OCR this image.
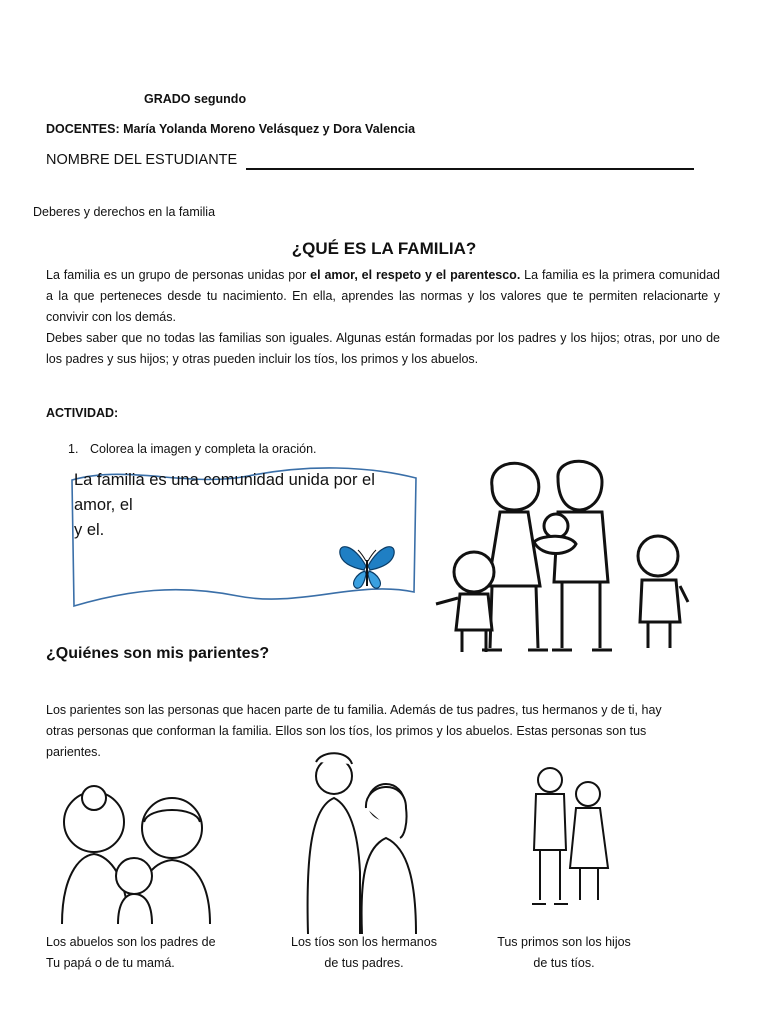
GRADO segundo
DOCENTES: María Yolanda Moreno Velásquez y Dora Valencia
NOMBRE DEL ESTUDIANTE
Deberes y derechos en la familia
¿QUÉ ES LA FAMILIA?

La familia es un grupo de personas unidas por el amor, el respeto y el parentesco. La familia es la primera comunidad a la que perteneces desde tu nacimiento. En ella, aprendes las normas y los valores que te permiten relacionarte y convivir con los demás.

Debes saber que no todas las familias son iguales. Algunas están formadas por los padres y los hijos; otras, por uno de los padres y sus hijos; y otras pueden incluir los tíos, los primos y los abuelos.

ACTIVIDAD:
1. Colorea la imagen y completa la oración.
La familia es una comunidad unida por el
amor, el
y el.
¿Quiénes son mis parientes?
Los parientes son las personas que hacen parte de tu familia. Además de tus padres, tus hermanos y de ti, hay otras personas que conforman la familia. Ellos son los tíos, los primos y los abuelos. Estas personas son tus parientes.
Los abuelos son los padres de
Tu papá o de tu mamá.
Los tíos son los hermanos
de tus padres.
Tus primos son los hijos
de tus tíos.
